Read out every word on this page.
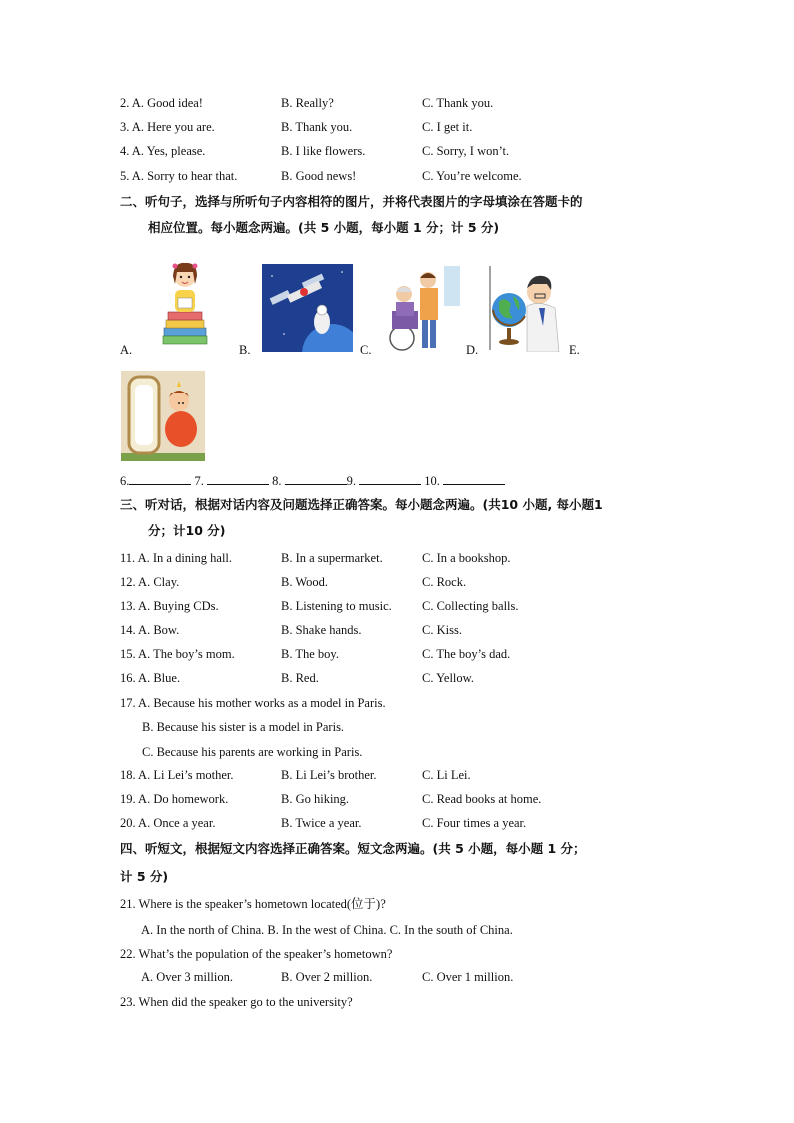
2. A. Good idea!	B. Really?	C. Thank you.
3. A. Here you are.	B. Thank you.	C. I get it.
4. A. Yes, please.	B. I like flowers.	C. Sorry, I won’t.
5. A. Sorry to hear that.	B. Good news!	C. You’re welcome.
二、听句子，选择与所听句子内容相符的图片，并将代表图片的字母填涂在答题卡的
相应位置。每小题念两遍。(共 5 小题，每小题 1 分；计 5 分)
A.	B.	C.	D.	E.
6.	7.	8.	9.	10.
三、听对话，根据对话内容及问题选择正确答案。每小题念两遍。(共10 小题, 每小题1
分；计10 分)
11. A. In a dining hall.	B. In a supermarket.	C. In a bookshop.
12. A. Clay.	B. Wood.	C. Rock.
13. A. Buying CDs.	B. Listening to music. C. Collecting balls.
14. A. Bow.	B. Shake hands.	C. Kiss.
15. A. The boy’s mom.	B. The boy.	C. The boy’s dad.
16. A. Blue.	B. Red.	C. Yellow.
17. A. Because his mother works as a model in Paris.
B. Because his sister is a model in Paris.
C. Because his parents are working in Paris.
18. A. Li Lei’s mother.	B. Li Lei’s brother.	C. Li Lei.
19. A. Do homework.	B. Go hiking.	C. Read books at home.
20. A. Once a year.	B. Twice a year.	C. Four times a year.
四、听短文，根据短文内容选择正确答案。短文念两遍。(共 5 小题，每小题 1 分；
计 5 分)
21. Where is the speaker’s hometown located(位于)?
A. In the north of China. B. In the west of China. C. In the south of China.
22. What’s the population of the speaker’s hometown?
A. Over 3 million.	B. Over 2 million.	C. Over 1 million.
23. When did the speaker go to the university?
